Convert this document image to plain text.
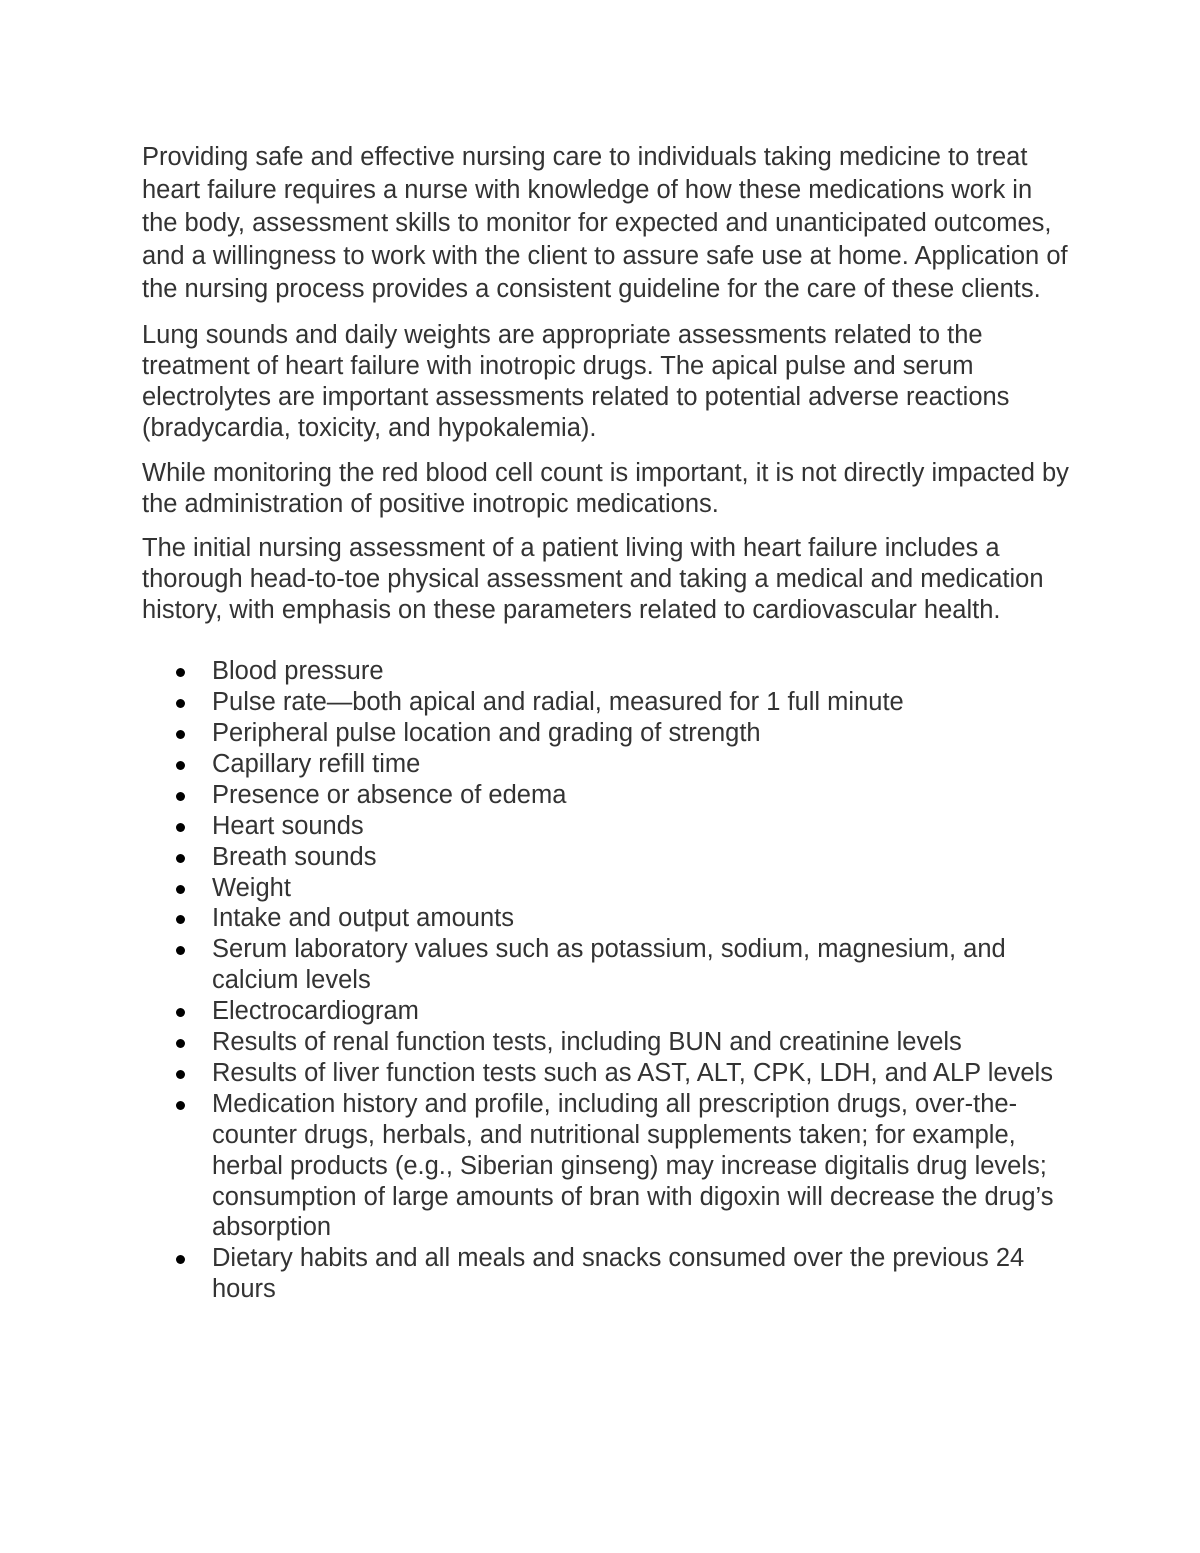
Providing safe and effective nursing care to individuals taking medicine to treat heart failure requires a nurse with knowledge of how these medications work in the body, assessment skills to monitor for expected and unanticipated outcomes, and a willingness to work with the client to assure safe use at home. Application of the nursing process provides a consistent guideline for the care of these clients.

Lung sounds and daily weights are appropriate assessments related to the treatment of heart failure with inotropic drugs. The apical pulse and serum electrolytes are important assessments related to potential adverse reactions (bradycardia, toxicity, and hypokalemia).

While monitoring the red blood cell count is important, it is not directly impacted by the administration of positive inotropic medications.

The initial nursing assessment of a patient living with heart failure includes a thorough head-to-toe physical assessment and taking a medical and medication history, with emphasis on these parameters related to cardiovascular health.

Blood pressure
Pulse rate—both apical and radial, measured for 1 full minute
Peripheral pulse location and grading of strength
Capillary refill time
Presence or absence of edema
Heart sounds
Breath sounds
Weight
Intake and output amounts
Serum laboratory values such as potassium, sodium, magnesium, and calcium levels
Electrocardiogram
Results of renal function tests, including BUN and creatinine levels
Results of liver function tests such as AST, ALT, CPK, LDH, and ALP levels
Medication history and profile, including all prescription drugs, over-the-counter drugs, herbals, and nutritional supplements taken; for example, herbal products (e.g., Siberian ginseng) may increase digitalis drug levels; consumption of large amounts of bran with digoxin will decrease the drug’s absorption
Dietary habits and all meals and snacks consumed over the previous 24 hours
